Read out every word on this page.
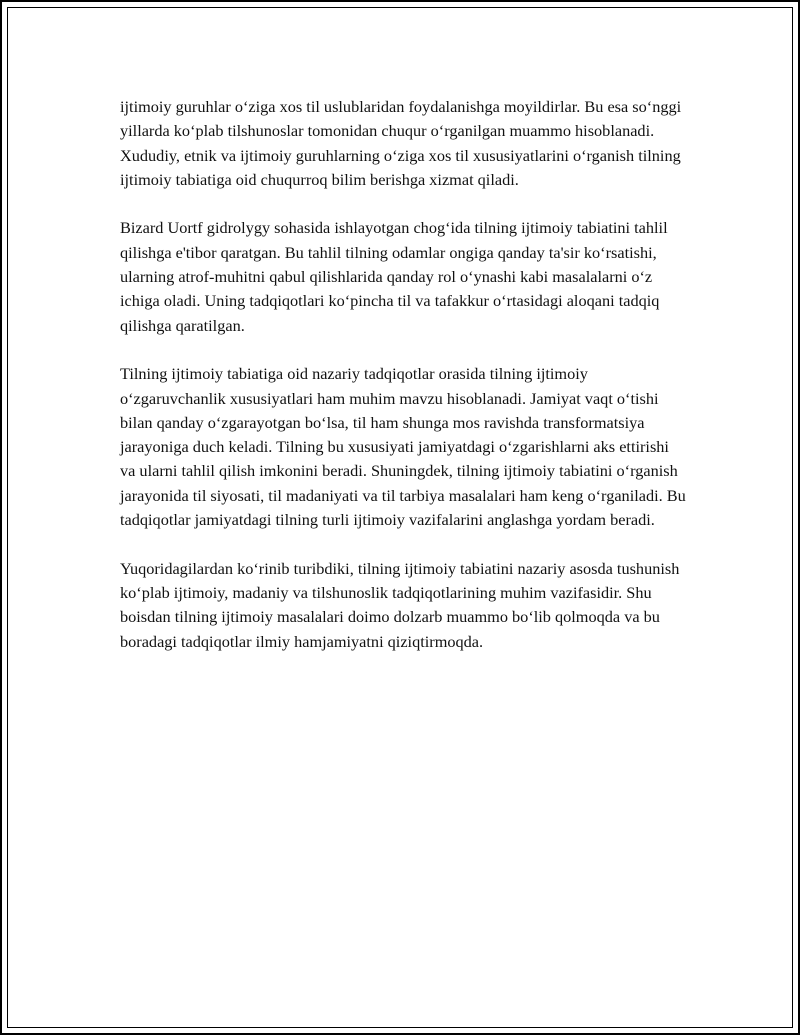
ijtimoiy guruhlar o‘ziga xos til uslublaridan foydalanishga moyildirlar. Bu esa so‘nggi yillarda ko‘plab tilshunoslar tomonidan chuqur o‘rganilgan muammo hisoblanadi. Xududiy, etnik va ijtimoiy guruhlarning o‘ziga xos til xususiyatlarini o‘rganish tilning ijtimoiy tabiatiga oid chuqurroq bilim berishga xizmat qiladi.

Bizard Uortf gidrolygy sohasida ishlayotgan chog‘ida tilning ijtimoiy tabiatini tahlil qilishga e'tibor qaratgan. Bu tahlil tilning odamlar ongiga qanday ta'sir ko‘rsatishi, ularning atrof-muhitni qabul qilishlarida qanday rol o‘ynashi kabi masalalarni o‘z ichiga oladi. Uning tadqiqotlari ko‘pincha til va tafakkur o‘rtasidagi aloqani tadqiq qilishga qaratilgan.

Tilning ijtimoiy tabiatiga oid nazariy tadqiqotlar orasida tilning ijtimoiy o‘zgaruvchanlik xususiyatlari ham muhim mavzu hisoblanadi. Jamiyat vaqt o‘tishi bilan qanday o‘zgarayotgan bo‘lsa, til ham shunga mos ravishda transformatsiya jarayoniga duch keladi. Tilning bu xususiyati jamiyatdagi o‘zgarishlarni aks ettirishi va ularni tahlil qilish imkonini beradi. Shuningdek, tilning ijtimoiy tabiatini o‘rganish jarayonida til siyosati, til madaniyati va til tarbiya masalalari ham keng o‘rganiladi. Bu tadqiqotlar jamiyatdagi tilning turli ijtimoiy vazifalarini anglashga yordam beradi.

Yuqoridagilardan ko‘rinib turibdiki, tilning ijtimoiy tabiatini nazariy asosda tushunish ko‘plab ijtimoiy, madaniy va tilshunoslik tadqiqotlarining muhim vazifasidir. Shu boisdan tilning ijtimoiy masalalari doimo dolzarb muammo bo‘lib qolmoqda va bu boradagi tadqiqotlar ilmiy hamjamiyatni qiziqtirmoqda.
